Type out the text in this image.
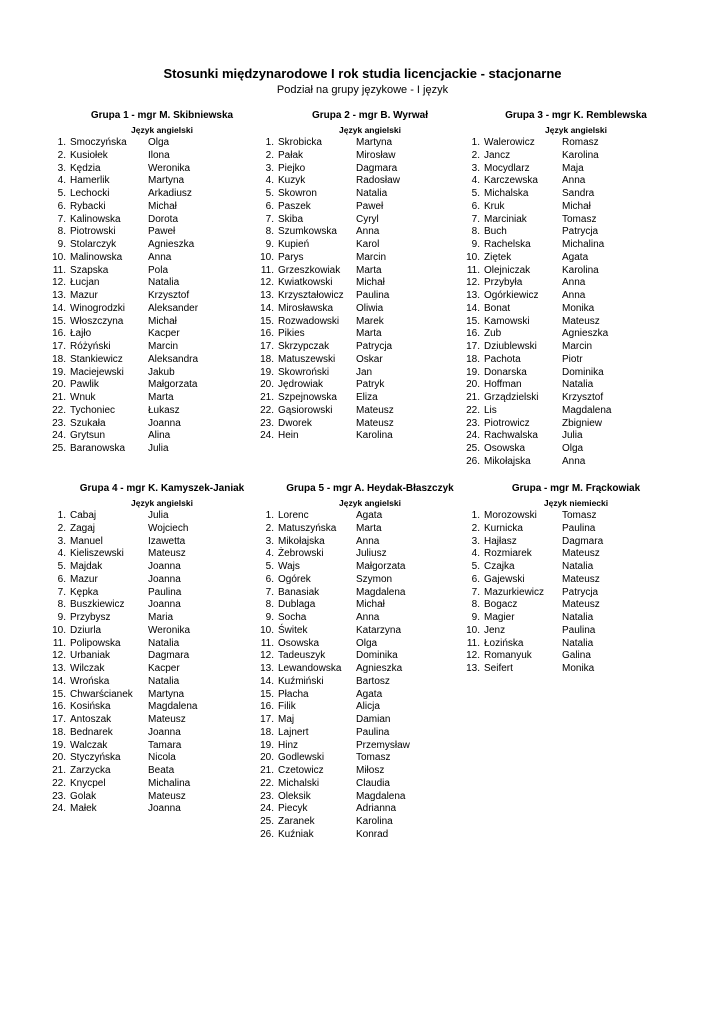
Stosunki międzynarodowe I rok studia licencjackie - stacjonarne
Podział na grupy językowe - I język
Grupa 1 - mgr M. Skibniewska
Język angielski
1. Smoczyńska	Olga
2. Kusiołek	Ilona
3. Kędzia	Weronika
4. Hamerlik	Martyna
5. Lechocki	Arkadiusz
6. Rybacki	Michał
7. Kalinowska	Dorota
8. Piotrowski	Paweł
9. Stolarczyk	Agnieszka
10. Malinowska	Anna
11. Szapska	Pola
12. Łucjan	Natalia
13. Mazur	Krzysztof
14. Winogrodzki	Aleksander
15. Włoszczyna	Michał
16. Łajło	Kacper
17. Różyński	Marcin
18. Stankiewicz	Aleksandra
19. Maciejewski	Jakub
20. Pawlik	Małgorzata
21. Wnuk	Marta
22. Tychoniec	Łukasz
23. Szukała	Joanna
24. Grytsun	Alina
25. Baranowska	Julia
Grupa 2 - mgr B. Wyrwał
Język angielski
1. Skrobicka	Martyna
2. Pałak	Mirosław
3. Piejko	Dagmara
4. Kuzyk	Radosław
5. Skowron	Natalia
6. Paszek	Paweł
7. Skiba	Cyryl
8. Szumkowska	Anna
9. Kupień	Karol
10. Parys	Marcin
11. Grzeszkowiak	Marta
12. Kwiatkowski	Michał
13. Krzyształowicz	Paulina
14. Mirosławska	Oliwia
15. Rozwadowski	Marek
16. Pikies	Marta
17. Skrzypczak	Patrycja
18. Matuszewski	Oskar
19. Skowroński	Jan
20. Jędrowiak	Patryk
21. Szpejnowska	Eliza
22. Gąsiorowski	Mateusz
23. Dworek	Mateusz
24. Hein	Karolina
Grupa 3 - mgr K. Remblewska
Język angielski
1. Walerowicz	Romasz
2. Jancz	Karolina
3. Mocydlarz	Maja
4. Karczewska	Anna
5. Michalska	Sandra
6. Kruk	Michał
7. Marciniak	Tomasz
8. Buch	Patrycja
9. Rachelska	Michalina
10. Ziętek	Agata
11. Olejniczak	Karolina
12. Przybyła	Anna
13. Ogórkiewicz	Anna
14. Bonat	Monika
15. Kamowski	Mateusz
16. Zub	Agnieszka
17. Dziublewski	Marcin
18. Pachota	Piotr
19. Donarska	Dominika
20. Hoffman	Natalia
21. Grządzielski	Krzysztof
22. Lis	Magdalena
23. Piotrowicz	Zbigniew
24. Rachwalska	Julia
25. Osowska	Olga
26. Mikołajska	Anna
Grupa 4 - mgr K. Kamyszek-Janiak
Język angielski
1. Cabaj	Julia
2. Zagaj	Wojciech
3. Manuel	Izawetta
4. Kieliszewski	Mateusz
5. Majdak	Joanna
6. Mazur	Joanna
7. Kępka	Paulina
8. Buszkiewicz	Joanna
9. Przybysz	Maria
10. Dziurla	Weronika
11. Polipowska	Natalia
12. Urbaniak	Dagmara
13. Wilczak	Kacper
14. Wrońska	Natalia
15. Chwarścianek	Martyna
16. Kosińska	Magdalena
17. Antoszak	Mateusz
18. Bednarek	Joanna
19. Walczak	Tamara
20. Styczyńska	Nicola
21. Zarzycka	Beata
22. Knycpel	Michalina
23. Golak	Mateusz
24. Małek	Joanna
Grupa 5 - mgr A. Heydak-Błaszczyk
Język angielski
1. Lorenc	Agata
2. Matuszyńska	Marta
3. Mikołajska	Anna
4. Żebrowski	Juliusz
5. Wajs	Małgorzata
6. Ogórek	Szymon
7. Banasiak	Magdalena
8. Dublaga	Michał
9. Socha	Anna
10. Świtek	Katarzyna
11. Osowska	Olga
12. Tadeuszyk	Dominika
13. Lewandowska	Agnieszka
14. Kuźmiński	Bartosz
15. Płacha	Agata
16. Filik	Alicja
17. Maj	Damian
18. Lajnert	Paulina
19. Hinz	Przemysław
20. Godlewski	Tomasz
21. Czetowicz	Miłosz
22. Michalski	Claudia
23. Oleksik	Magdalena
24. Piecyk	Adrianna
25. Zaranek	Karolina
26. Kuźniak	Konrad
Grupa - mgr M. Frąckowiak
Język niemiecki
1. Morozowski	Tomasz
2. Kurnicka	Paulina
3. Hajłasz	Dagmara
4. Rozmiarek	Mateusz
5. Czajka	Natalia
6. Gajewski	Mateusz
7. Mazurkiewicz	Patrycja
8. Bogacz	Mateusz
9. Magier	Natalia
10. Jenz	Paulina
11. Łozińska	Natalia
12. Romanyuk	Galina
13. Seifert	Monika
